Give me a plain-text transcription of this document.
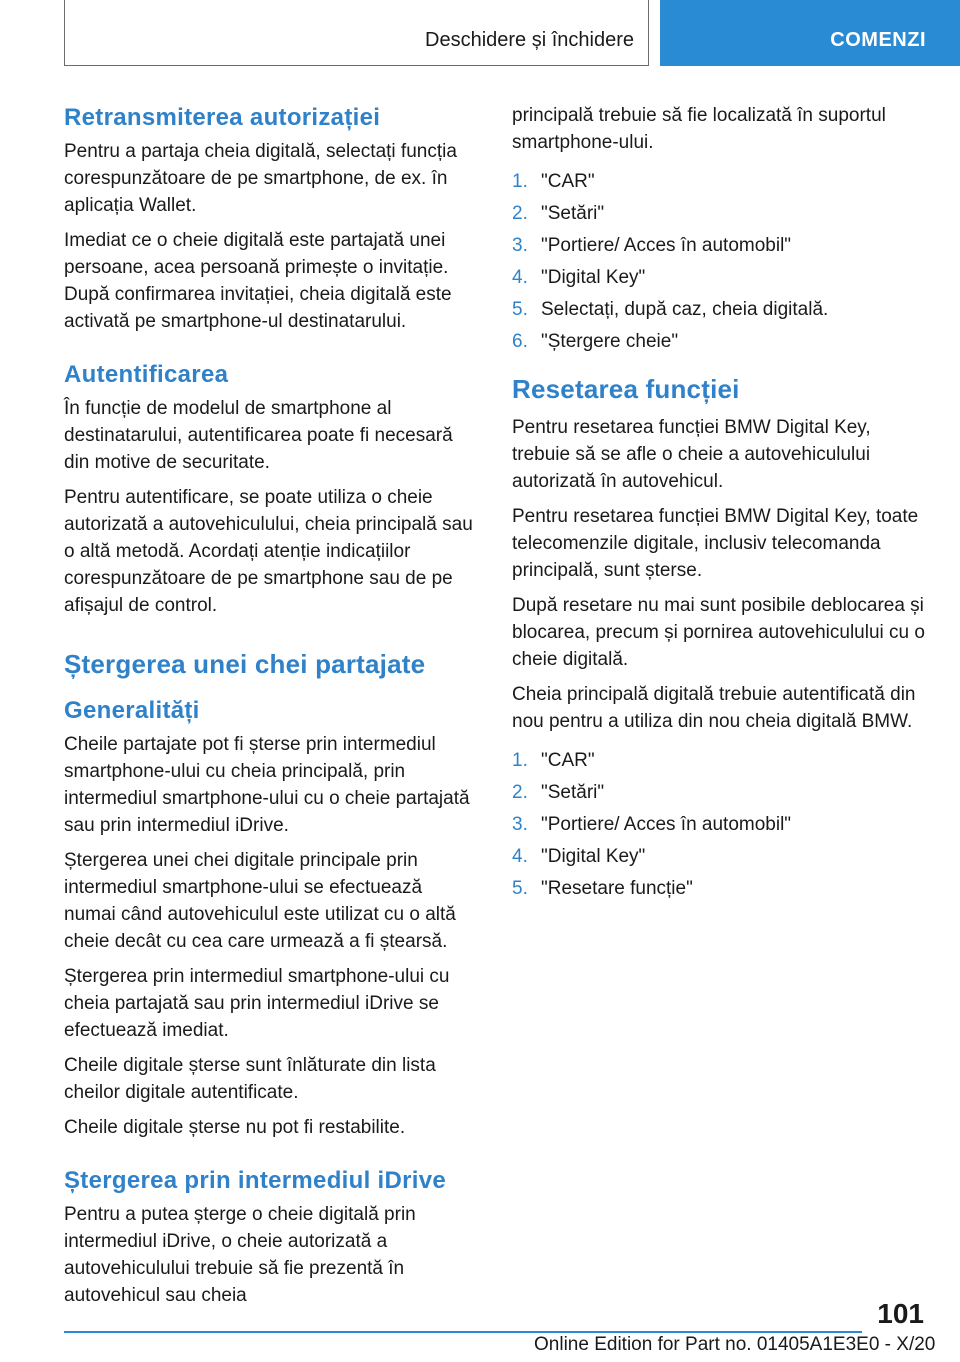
Deschidere și închidere	COMENZI
Retransmiterea autorizației

Pentru a partaja cheia digitală, selectați funcția corespunzătoare de pe smartphone, de ex. în aplicația Wallet.

Imediat ce o cheie digitală este partajată unei persoane, acea persoană primește o invitație. După confirmarea invitației, cheia digitală este activată pe smartphone-ul destinatarului.

Autentificarea

În funcție de modelul de smartphone al destinatarului, autentificarea poate fi necesară din motive de securitate.

Pentru autentificare, se poate utiliza o cheie autorizată a autovehiculului, cheia principală sau o altă metodă. Acordați atenție indicațiilor corespunzătoare de pe smartphone sau de pe afișajul de control.

Ștergerea unei chei partajate
Generalități

Cheile partajate pot fi șterse prin intermediul smartphone-ului cu cheia principală, prin intermediul smartphone-ului cu o cheie partajată sau prin intermediul iDrive.

Ștergerea unei chei digitale principale prin intermediul smartphone-ului se efectuează numai când autovehiculul este utilizat cu o altă cheie decât cu cea care urmează a fi ștearsă.

Ștergerea prin intermediul smartphone-ului cu cheia partajată sau prin intermediul iDrive se efectuează imediat.

Cheile digitale șterse sunt înlăturate din lista cheilor digitale autentificate.

Cheile digitale șterse nu pot fi restabilite.

Ștergerea prin intermediul iDrive

Pentru a putea șterge o cheie digitală prin intermediul iDrive, o cheie autorizată a autovehiculului trebuie să fie prezentă în autovehicul sau cheia

principală trebuie să fie localizată în suportul smartphone-ului.

1. "CAR"
2. "Setări"
3. "Portiere/ Acces în automobil"
4. "Digital Key"
5. Selectați, după caz, cheia digitală.
6. "Ștergere cheie"
Resetarea funcției

Pentru resetarea funcției BMW Digital Key, trebuie să se afle o cheie a autovehiculului autorizată în autovehicul.

Pentru resetarea funcției BMW Digital Key, toate telecomenzile digitale, inclusiv telecomanda principală, sunt șterse.

După resetare nu mai sunt posibile deblocarea și blocarea, precum și pornirea autovehiculului cu o cheie digitală.

Cheia principală digitală trebuie autentificată din nou pentru a utiliza din nou cheia digitală BMW.

1. "CAR"
2. "Setări"
3. "Portiere/ Acces în automobil"
4. "Digital Key"
5. "Resetare funcție"
101
Online Edition for Part no. 01405A1E3E0 - X/20
